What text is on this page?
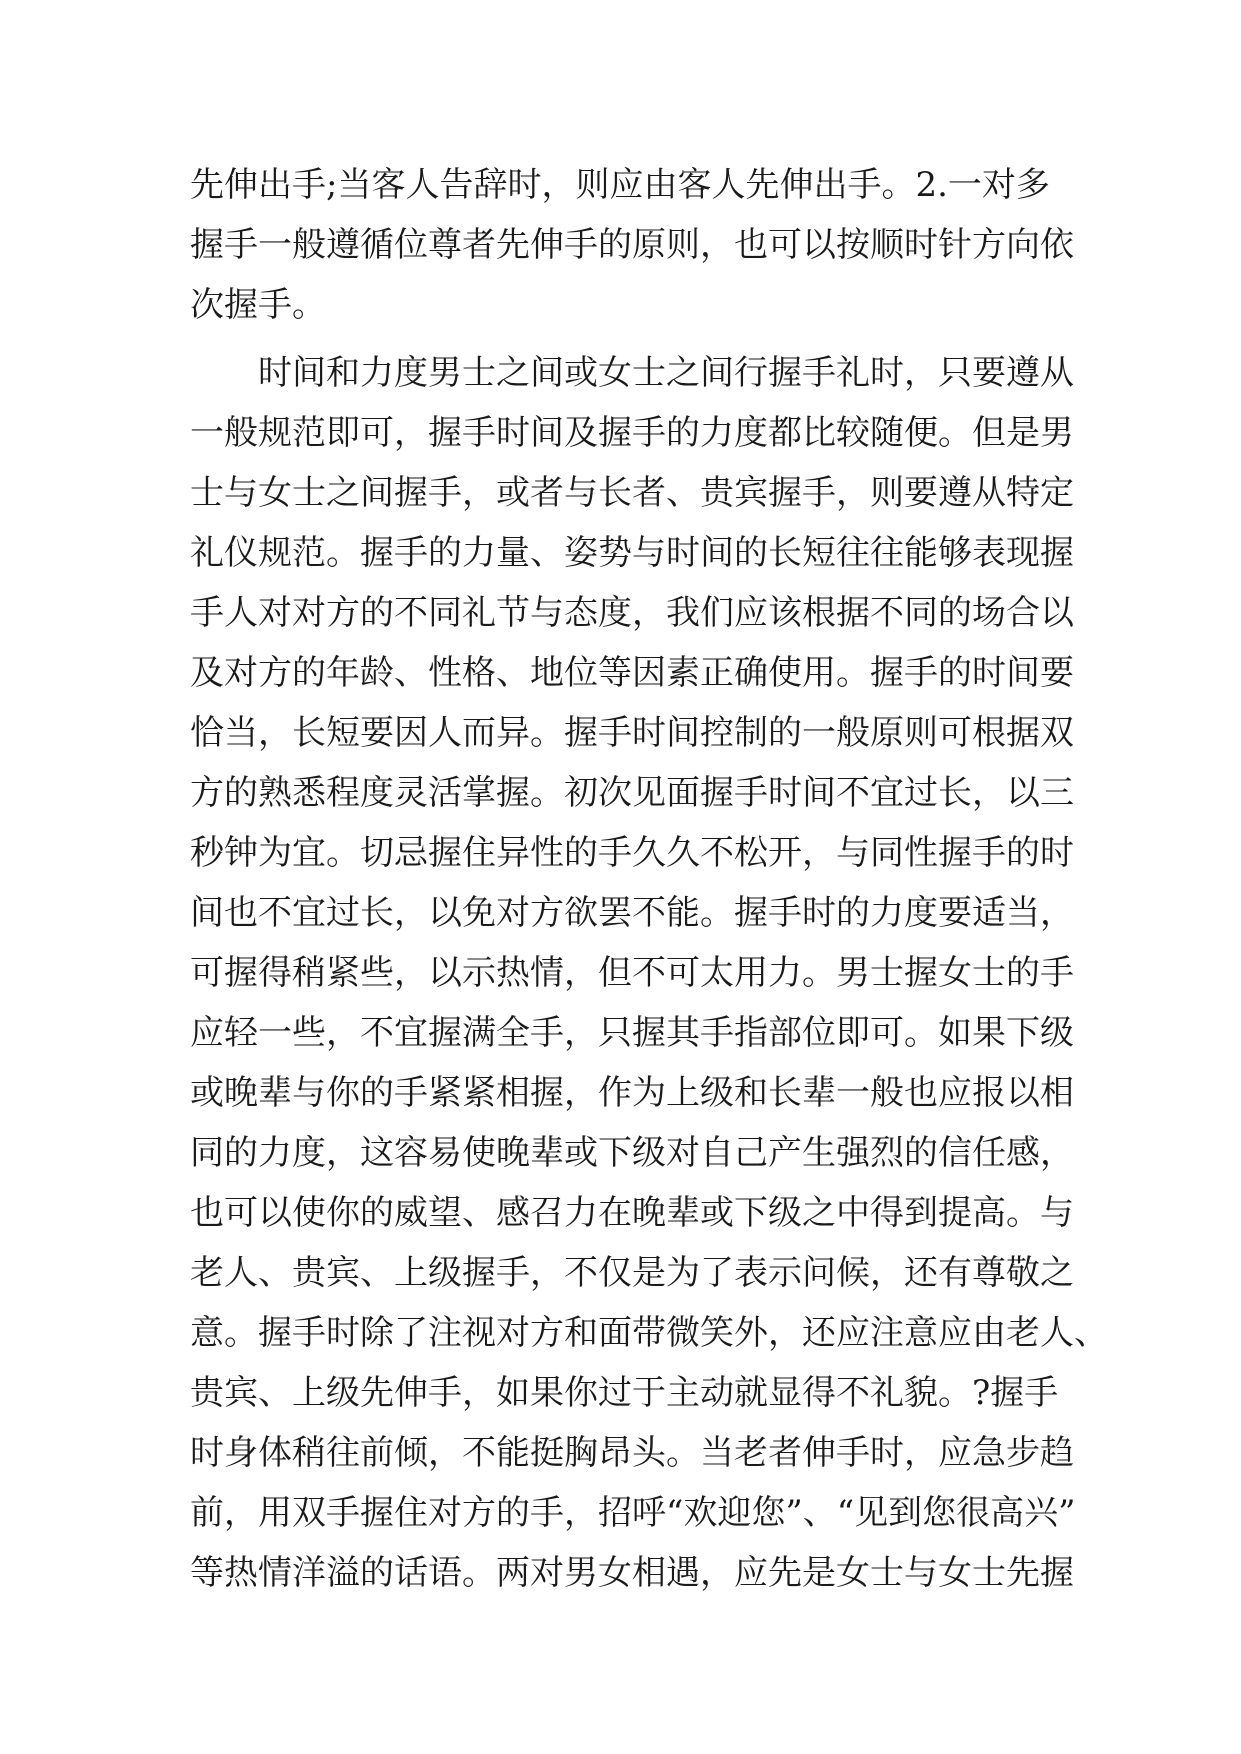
先伸出手;当客人告辞时，则应由客人先伸出手。2.一对多
握手一般遵循位尊者先伸手的原则，也可以按顺时针方向依
次握手。
　　时间和力度男士之间或女士之间行握手礼时，只要遵从
一般规范即可，握手时间及握手的力度都比较随便。但是男
士与女士之间握手，或者与长者、贵宾握手，则要遵从特定
礼仪规范。握手的力量、姿势与时间的长短往往能够表现握
手人对对方的不同礼节与态度，我们应该根据不同的场合以
及对方的年龄、性格、地位等因素正确使用。握手的时间要
恰当，长短要因人而异。握手时间控制的一般原则可根据双
方的熟悉程度灵活掌握。初次见面握手时间不宜过长，以三
秒钟为宜。切忌握住异性的手久久不松开，与同性握手的时
间也不宜过长，以免对方欲罢不能。握手时的力度要适当，
可握得稍紧些，以示热情，但不可太用力。男士握女士的手
应轻一些，不宜握满全手，只握其手指部位即可。如果下级
或晚辈与你的手紧紧相握，作为上级和长辈一般也应报以相
同的力度，这容易使晚辈或下级对自己产生强烈的信任感，
也可以使你的威望、感召力在晚辈或下级之中得到提高。与
老人、贵宾、上级握手，不仅是为了表示问候，还有尊敬之
意。握手时除了注视对方和面带微笑外，还应注意应由老人、
贵宾、上级先伸手，如果你过于主动就显得不礼貌。?握手
时身体稍往前倾，不能挺胸昂头。当老者伸手时，应急步趋
前，用双手握住对方的手，招呼“欢迎您”、“见到您很高兴”
等热情洋溢的话语。两对男女相遇，应先是女士与女士先握
